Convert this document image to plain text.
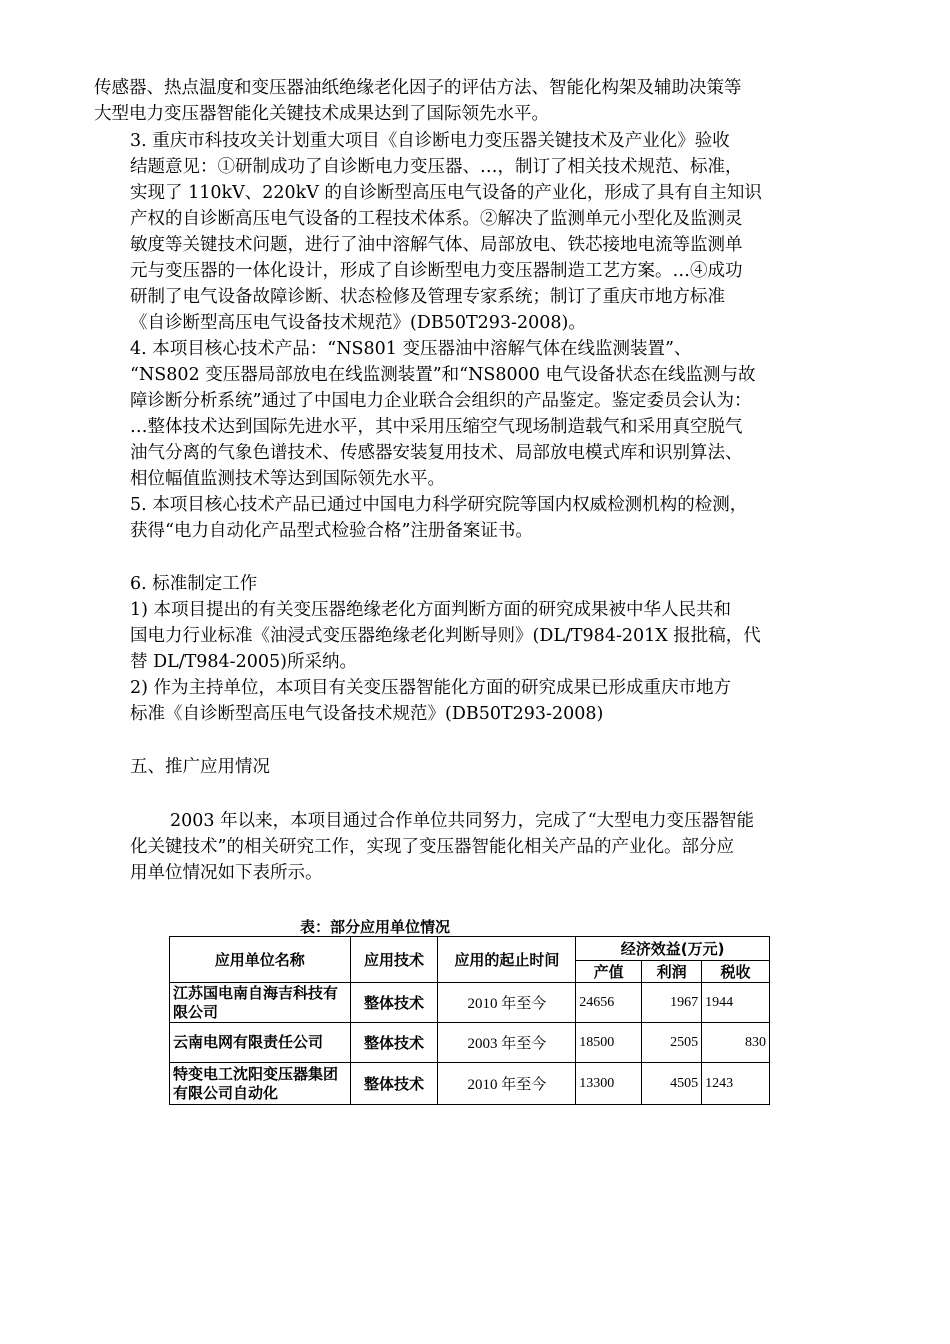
传感器、热点温度和变压器油纸绝缘老化因子的评估方法、智能化构架及辅助决策等
大型电力变压器智能化关键技术成果达到了国际领先水平。
3. 重庆市科技攻关计划重大项目《自诊断电力变压器关键技术及产业化》验收
结题意见：①研制成功了自诊断电力变压器、…，制订了相关技术规范、标准，
实现了 110kV、220kV 的自诊断型高压电气设备的产业化，形成了具有自主知识
产权的自诊断高压电气设备的工程技术体系。②解决了监测单元小型化及监测灵
敏度等关键技术问题，进行了油中溶解气体、局部放电、铁芯接地电流等监测单
元与变压器的一体化设计，形成了自诊断型电力变压器制造工艺方案。…④成功
研制了电气设备故障诊断、状态检修及管理专家系统；制订了重庆市地方标准
《自诊断型高压电气设备技术规范》(DB50T293-2008)。
4. 本项目核心技术产品：“NS801 变压器油中溶解气体在线监测装置”、
“NS802 变压器局部放电在线监测装置”和“NS8000 电气设备状态在线监测与故
障诊断分析系统”通过了中国电力企业联合会组织的产品鉴定。鉴定委员会认为：
…整体技术达到国际先进水平，其中采用压缩空气现场制造载气和采用真空脱气
油气分离的气象色谱技术、传感器安装复用技术、局部放电模式库和识别算法、
相位幅值监测技术等达到国际领先水平。
5. 本项目核心技术产品已通过中国电力科学研究院等国内权威检测机构的检测，
获得“电力自动化产品型式检验合格”注册备案证书。
6. 标准制定工作
1) 本项目提出的有关变压器绝缘老化方面判断方面的研究成果被中华人民共和
国电力行业标准《油浸式变压器绝缘老化判断导则》(DL/T984-201X 报批稿，代
替 DL/T984-2005)所采纳。
2) 作为主持单位，本项目有关变压器智能化方面的研究成果已形成重庆市地方
标准《自诊断型高压电气设备技术规范》(DB50T293-2008)
五、推广应用情况
2003 年以来，本项目通过合作单位共同努力，完成了“大型电力变压器智能
化关键技术”的相关研究工作，实现了变压器智能化相关产品的产业化。部分应
用单位情况如下表所示。
表：部分应用单位情况
应用单位名称	应用技术	应用的起止时间	经济效益(万元)		
			产值	利润	税收
江苏国电南自海吉科技有限公司	整体技术	2010 年至今	24656	1967	1944
云南电网有限责任公司	整体技术	2003 年至今	18500	2505	830
特变电工沈阳变压器集团有限公司自动化	整体技术	2010 年至今	13300	4505	1243
